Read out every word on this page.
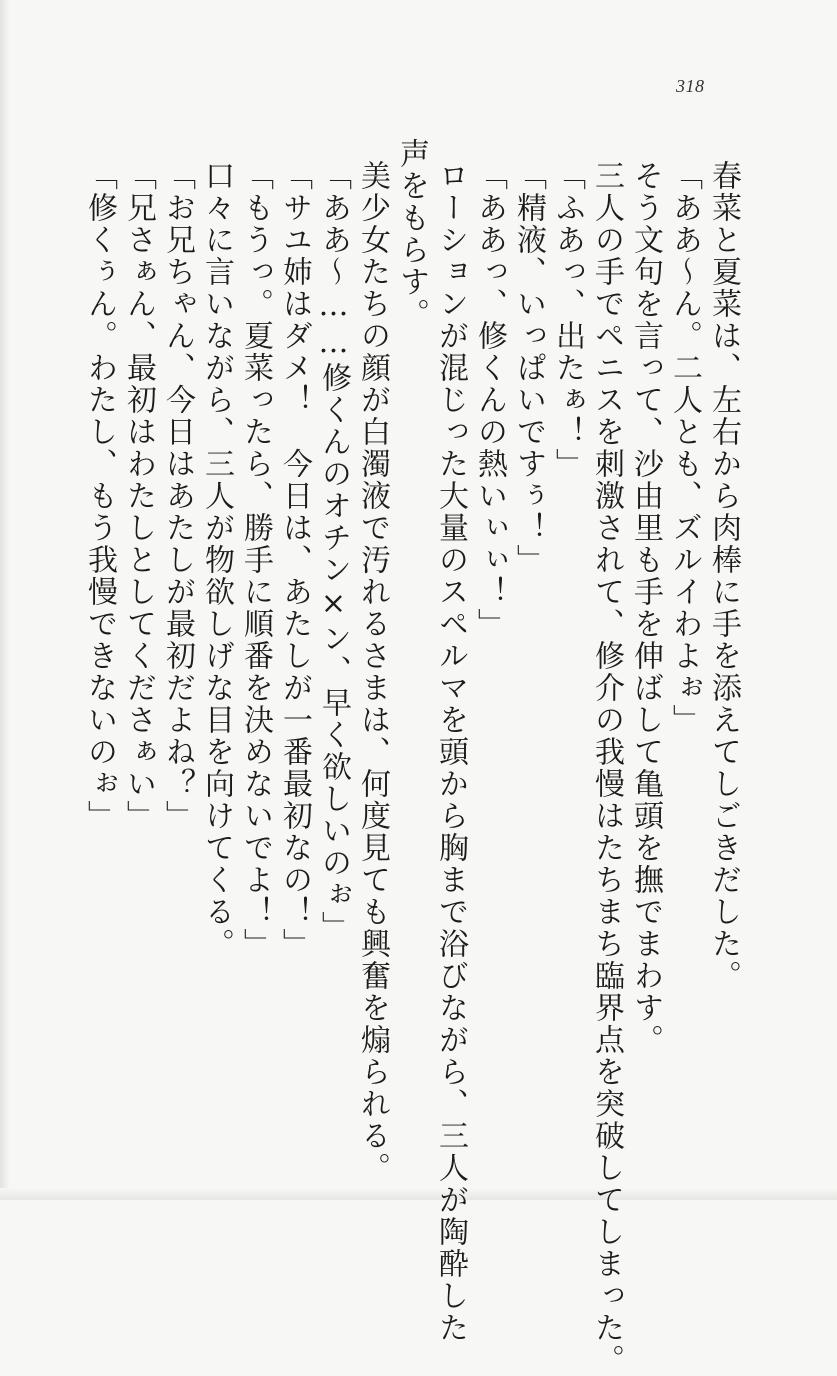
318
春菜と夏菜は、左右から肉棒に手を添えてしごきだした。
「ああ〜ん。二人とも、ズルイわよぉ」
そう文句を言って、沙由里も手を伸ばして亀頭を撫でまわす。
三人の手でペニスを刺激されて、修介の我慢はたちまち臨界点を突破してしまった。
「ふあっ、出たぁ！」
「精液、いっぱいですぅ！」
「ああっ、修くんの熱いぃぃ！」
ローションが混じった大量のスペルマを頭から胸まで浴びながら、三人が陶酔した
声をもらす。
美少女たちの顔が白濁液で汚れるさまは、何度見ても興奮を煽られる。
「ああ〜……修くんのオチン×ン、早く欲しいのぉ」
「サユ姉はダメ！　今日は、あたしが一番最初なの！」
「もうっ。夏菜ったら、勝手に順番を決めないでよ！」
口々に言いながら、三人が物欲しげな目を向けてくる。
「お兄ちゃん、今日はあたしが最初だよね？」
「兄さぁん、最初はわたしとしてくださぁい」
「修くぅん。わたし、もう我慢できないのぉ」
